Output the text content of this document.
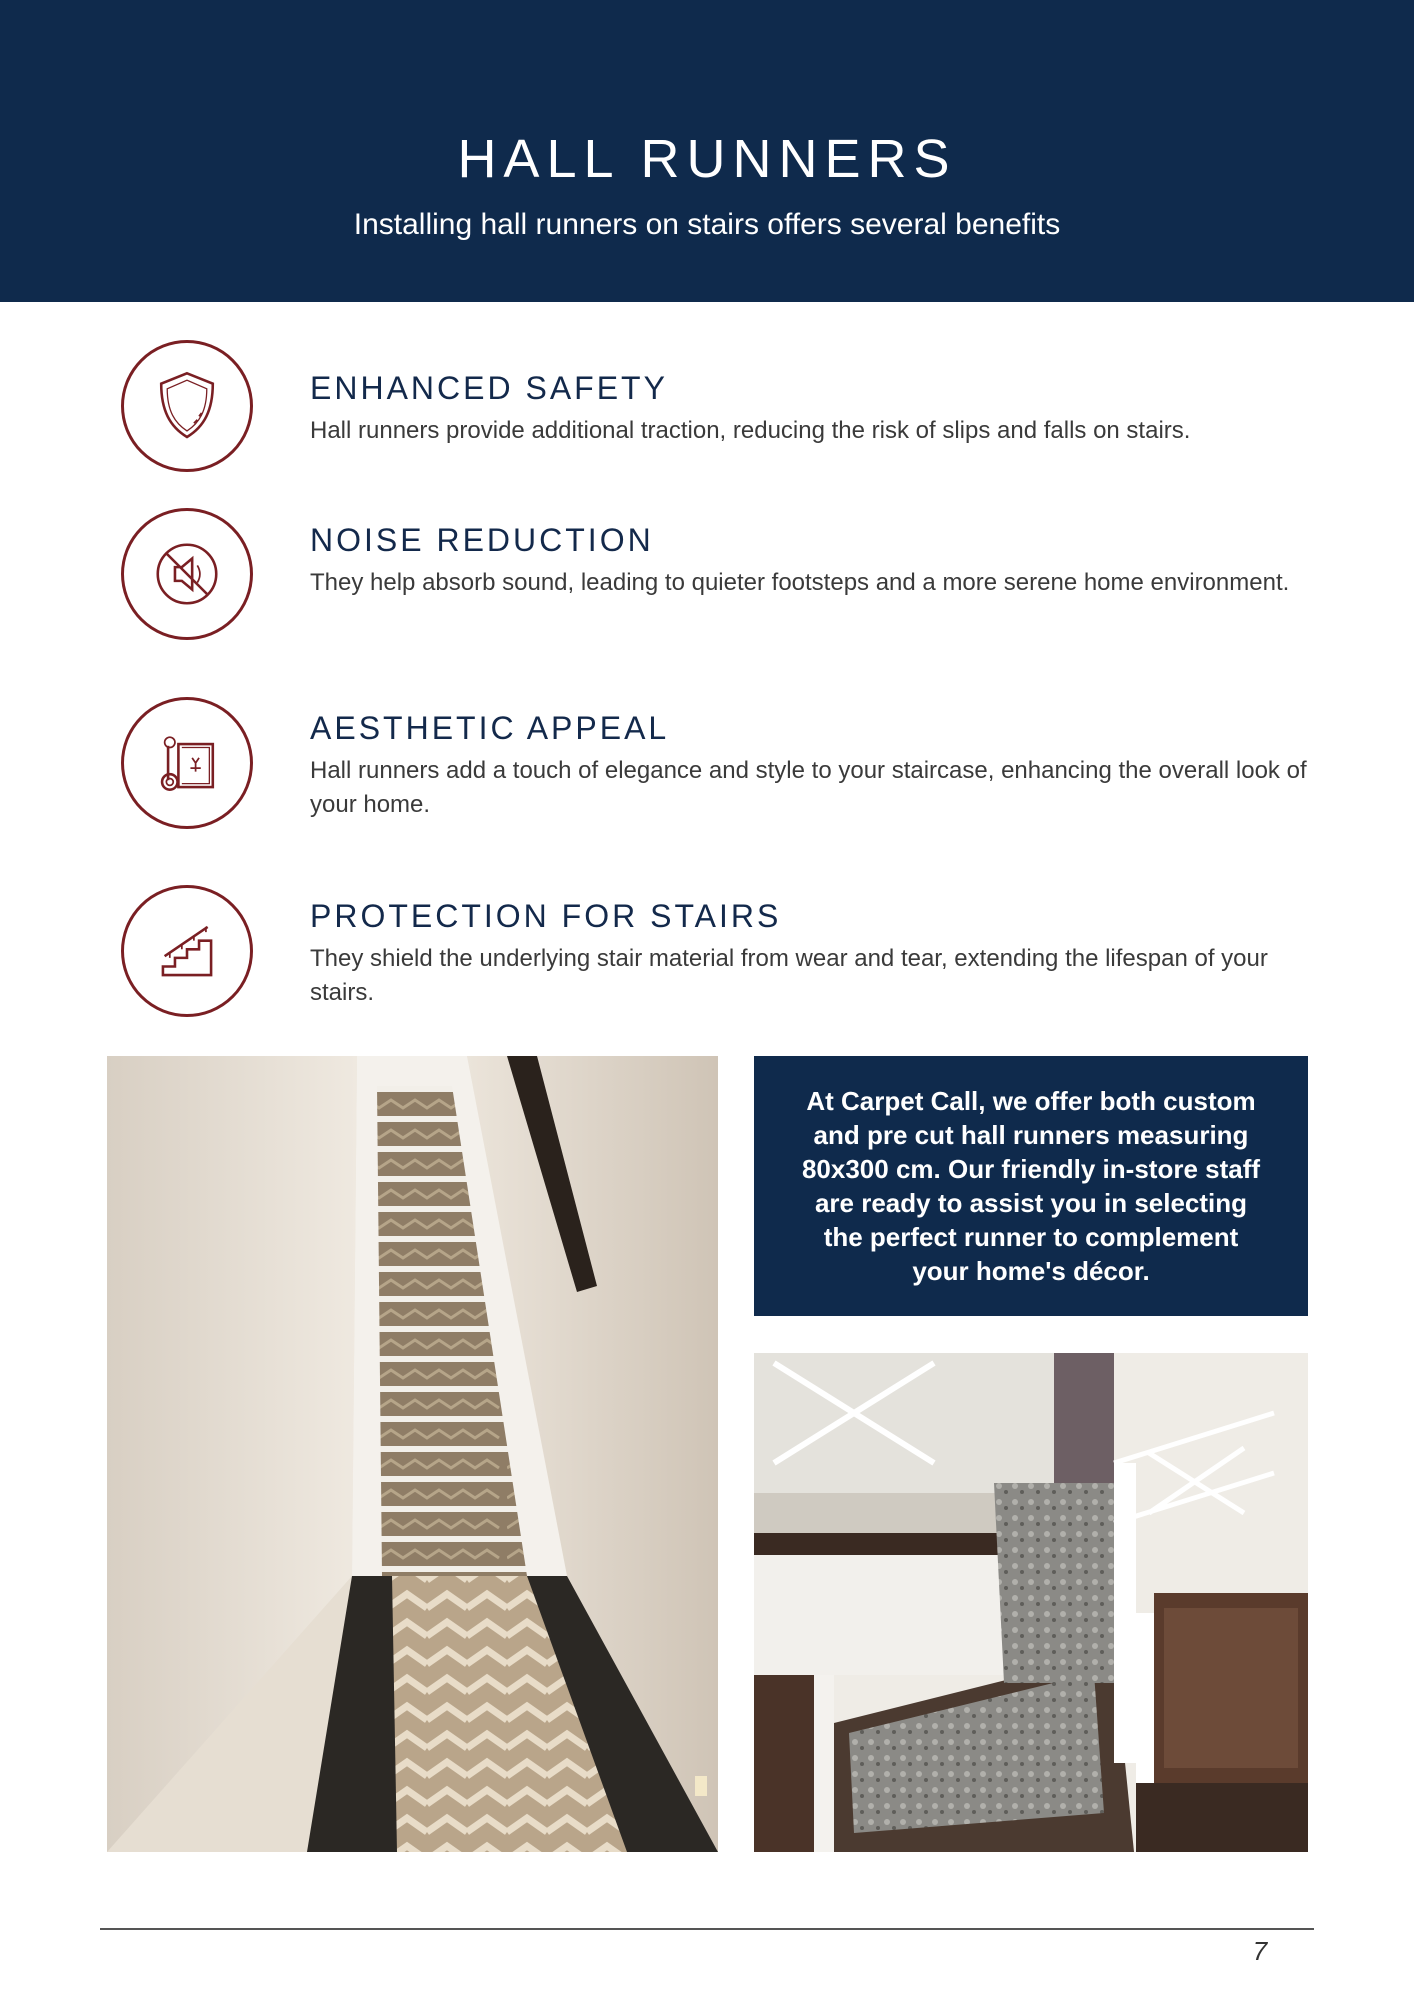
HALL RUNNERS
Installing hall runners on stairs offers several benefits
ENHANCED SAFETY

Hall runners provide additional traction, reducing the risk of slips and falls on stairs.

NOISE REDUCTION

They help absorb sound, leading to quieter footsteps and a more serene home environment.

AESTHETIC APPEAL

Hall runners add a touch of elegance and style to your staircase, enhancing the overall look of your home.

PROTECTION FOR STAIRS

They shield the underlying stair material from wear and tear, extending the lifespan of your stairs.

At Carpet Call, we offer both custom and pre cut hall runners measuring 80x300 cm. Our friendly in-store staff are ready to assist you in selecting the perfect runner to complement your home's décor.

7
